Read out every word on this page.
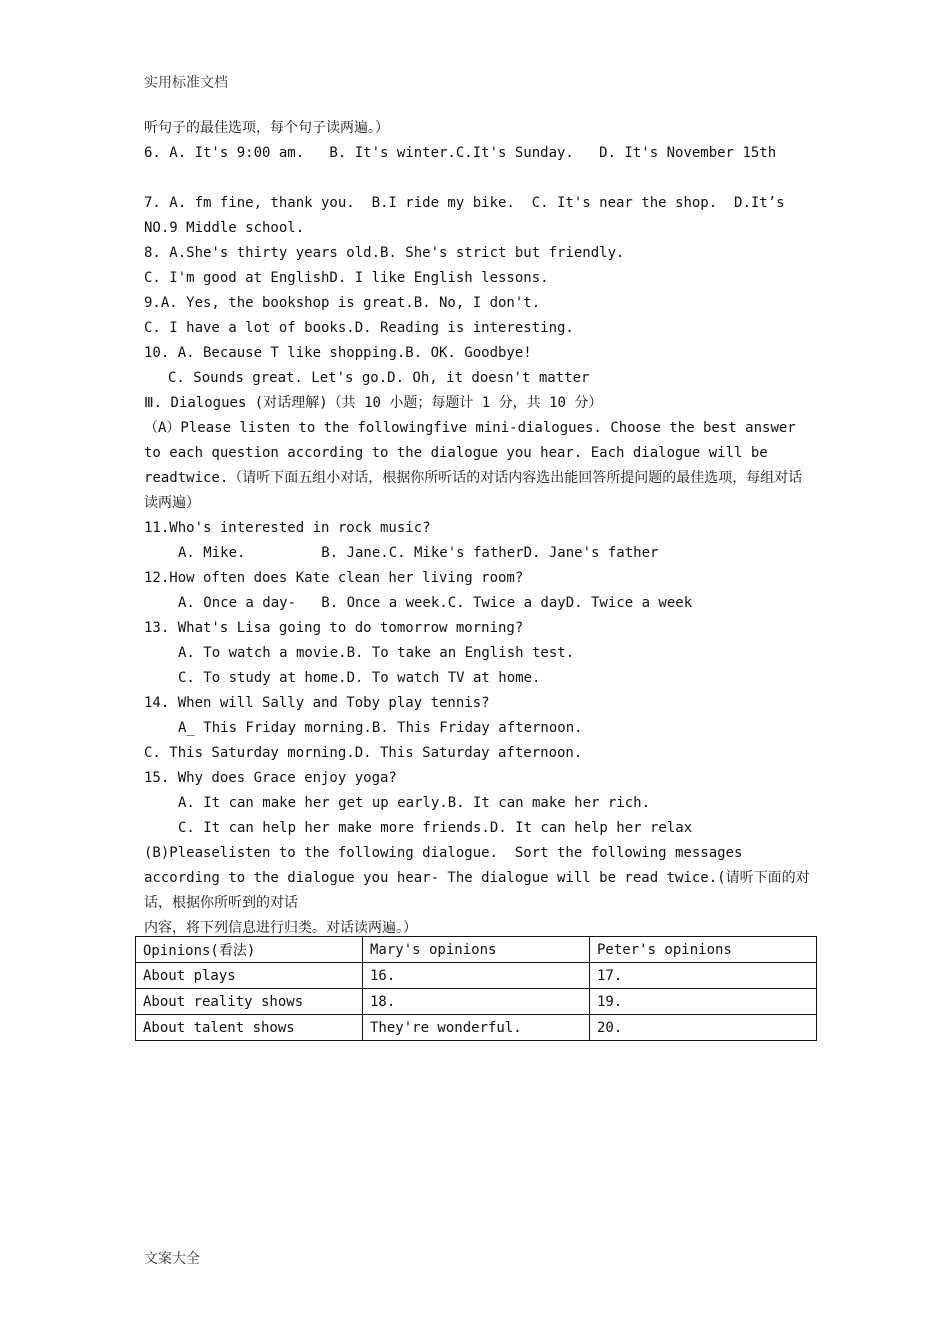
实用标准文档
听句子的最佳选项，每个句子读两遍。）
6. A. It's 9:00 am.   B. It's winter.C.It's Sunday.   D. It's November 15th
7. A. fm fine, thank you.  B.I ride my bike.  C. It's near the shop.  D.It’s NO.9 Middle school.
8. A.She's thirty years old.B. She's strict but friendly.
C. I'm good at EnglishD. I like English lessons.
9.A. Yes, the bookshop is great.B. No, I don't.
C. I have a lot of books.D. Reading is interesting.
10. A. Because T like shopping.B. OK. Goodbye!
C. Sounds great. Let's go.D. Oh, it doesn't matter
Ⅲ. Dialogues (对话理解)（共 10 小题；每题计 1 分，共 10 分）
（A）Please listen to the followingfive mini-dialogues. Choose the best answer to each question according to the dialogue you hear. Each dialogue will be readtwice.（请听下面五组小对话，根据你所听话的对话内容选出能回答所提问题的最佳选项，每组对话读两遍）
11.Who's interested in rock music?
A. Mike.         B. Jane.C. Mike's fatherD. Jane's father
12.How often does Kate clean her living room?
A. Once a day-   B. Once a week.C. Twice a dayD. Twice a week
13. What's Lisa going to do tomorrow morning?
A. To watch a movie.B. To take an English test.
C. To study at home.D. To watch TV at home.
14. When will Sally and Toby play tennis?
A_ This Friday morning.B. This Friday afternoon.
C. This Saturday morning.D. This Saturday afternoon.
15. Why does Grace enjoy yoga?
A. It can make her get up early.B. It can make her rich.
C. It can help her make more friends.D. It can help her relax
(B)Pleaselisten to the following dialogue.  Sort the following messages according to the dialogue you hear- The dialogue will be read twice.(请听下面的对话，根据你所听到的对话
内容，将下列信息进行归类。对话读两遍。）
Opinions(看法)	Mary's opinions	Peter's opinions
About plays	16.	17.
About reality shows	18.	19.
About talent shows	They're wonderful.	20.
文案大全
